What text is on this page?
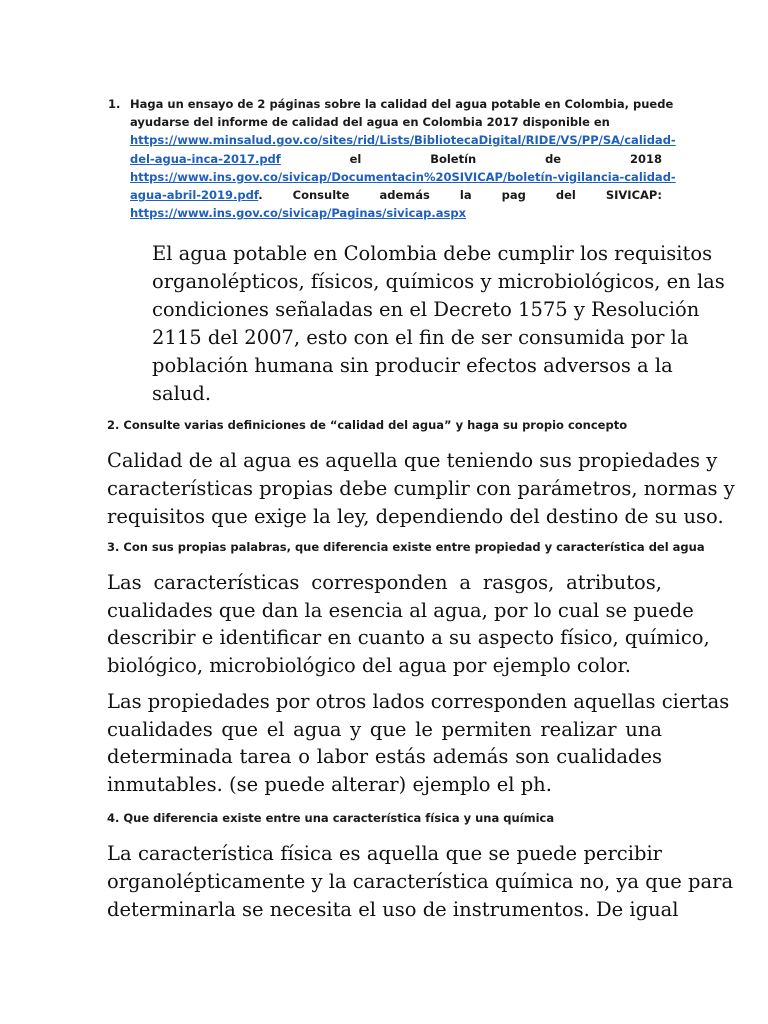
1. Haga un ensayo de 2 páginas sobre la calidad del agua potable en Colombia, puede
ayudarse del informe de calidad del agua en Colombia 2017 disponible en
https://www.minsalud.gov.co/sites/rid/Lists/BibliotecaDigital/RIDE/VS/PP/SA/calidad-
del-agua-inca-2017.pdf	el	Boletín	de	2018
https://www.ins.gov.co/sivicap/Documentacin%20SIVICAP/boletín-vigilancia-calidad-
agua-abril-2019.pdf.	Consulte	además	la	pag	del	SIVICAP:
https://www.ins.gov.co/sivicap/Paginas/sivicap.aspx
El agua potable en Colombia debe cumplir los requisitos
organolépticos, físicos, químicos y microbiológicos, en las
condiciones señaladas en el Decreto 1575 y Resolución
2115 del 2007, esto con el fin de ser consumida por la
población humana sin producir efectos adversos a la
salud.
2. Consulte varias definiciones de “calidad del agua” y haga su propio concepto
Calidad de al agua es aquella que teniendo sus propiedades y
características propias debe cumplir con parámetros, normas y
requisitos que exige la ley, dependiendo del destino de su uso.
3. Con sus propias palabras, que diferencia existe entre propiedad y característica del agua
Las características corresponden a rasgos, atributos,
cualidades que dan la esencia al agua, por lo cual se puede
describir e identificar en cuanto a su aspecto físico, químico,
biológico, microbiológico del agua por ejemplo color.
Las propiedades por otros lados corresponden aquellas ciertas
cualidades que el agua y que le permiten realizar una
determinada tarea o labor estás además son cualidades
inmutables. (se puede alterar) ejemplo el ph.
4. Que diferencia existe entre una característica física y una química
La característica física es aquella que se puede percibir
organolépticamente y la característica química no, ya que para
determinarla se necesita el uso de instrumentos. De igual
